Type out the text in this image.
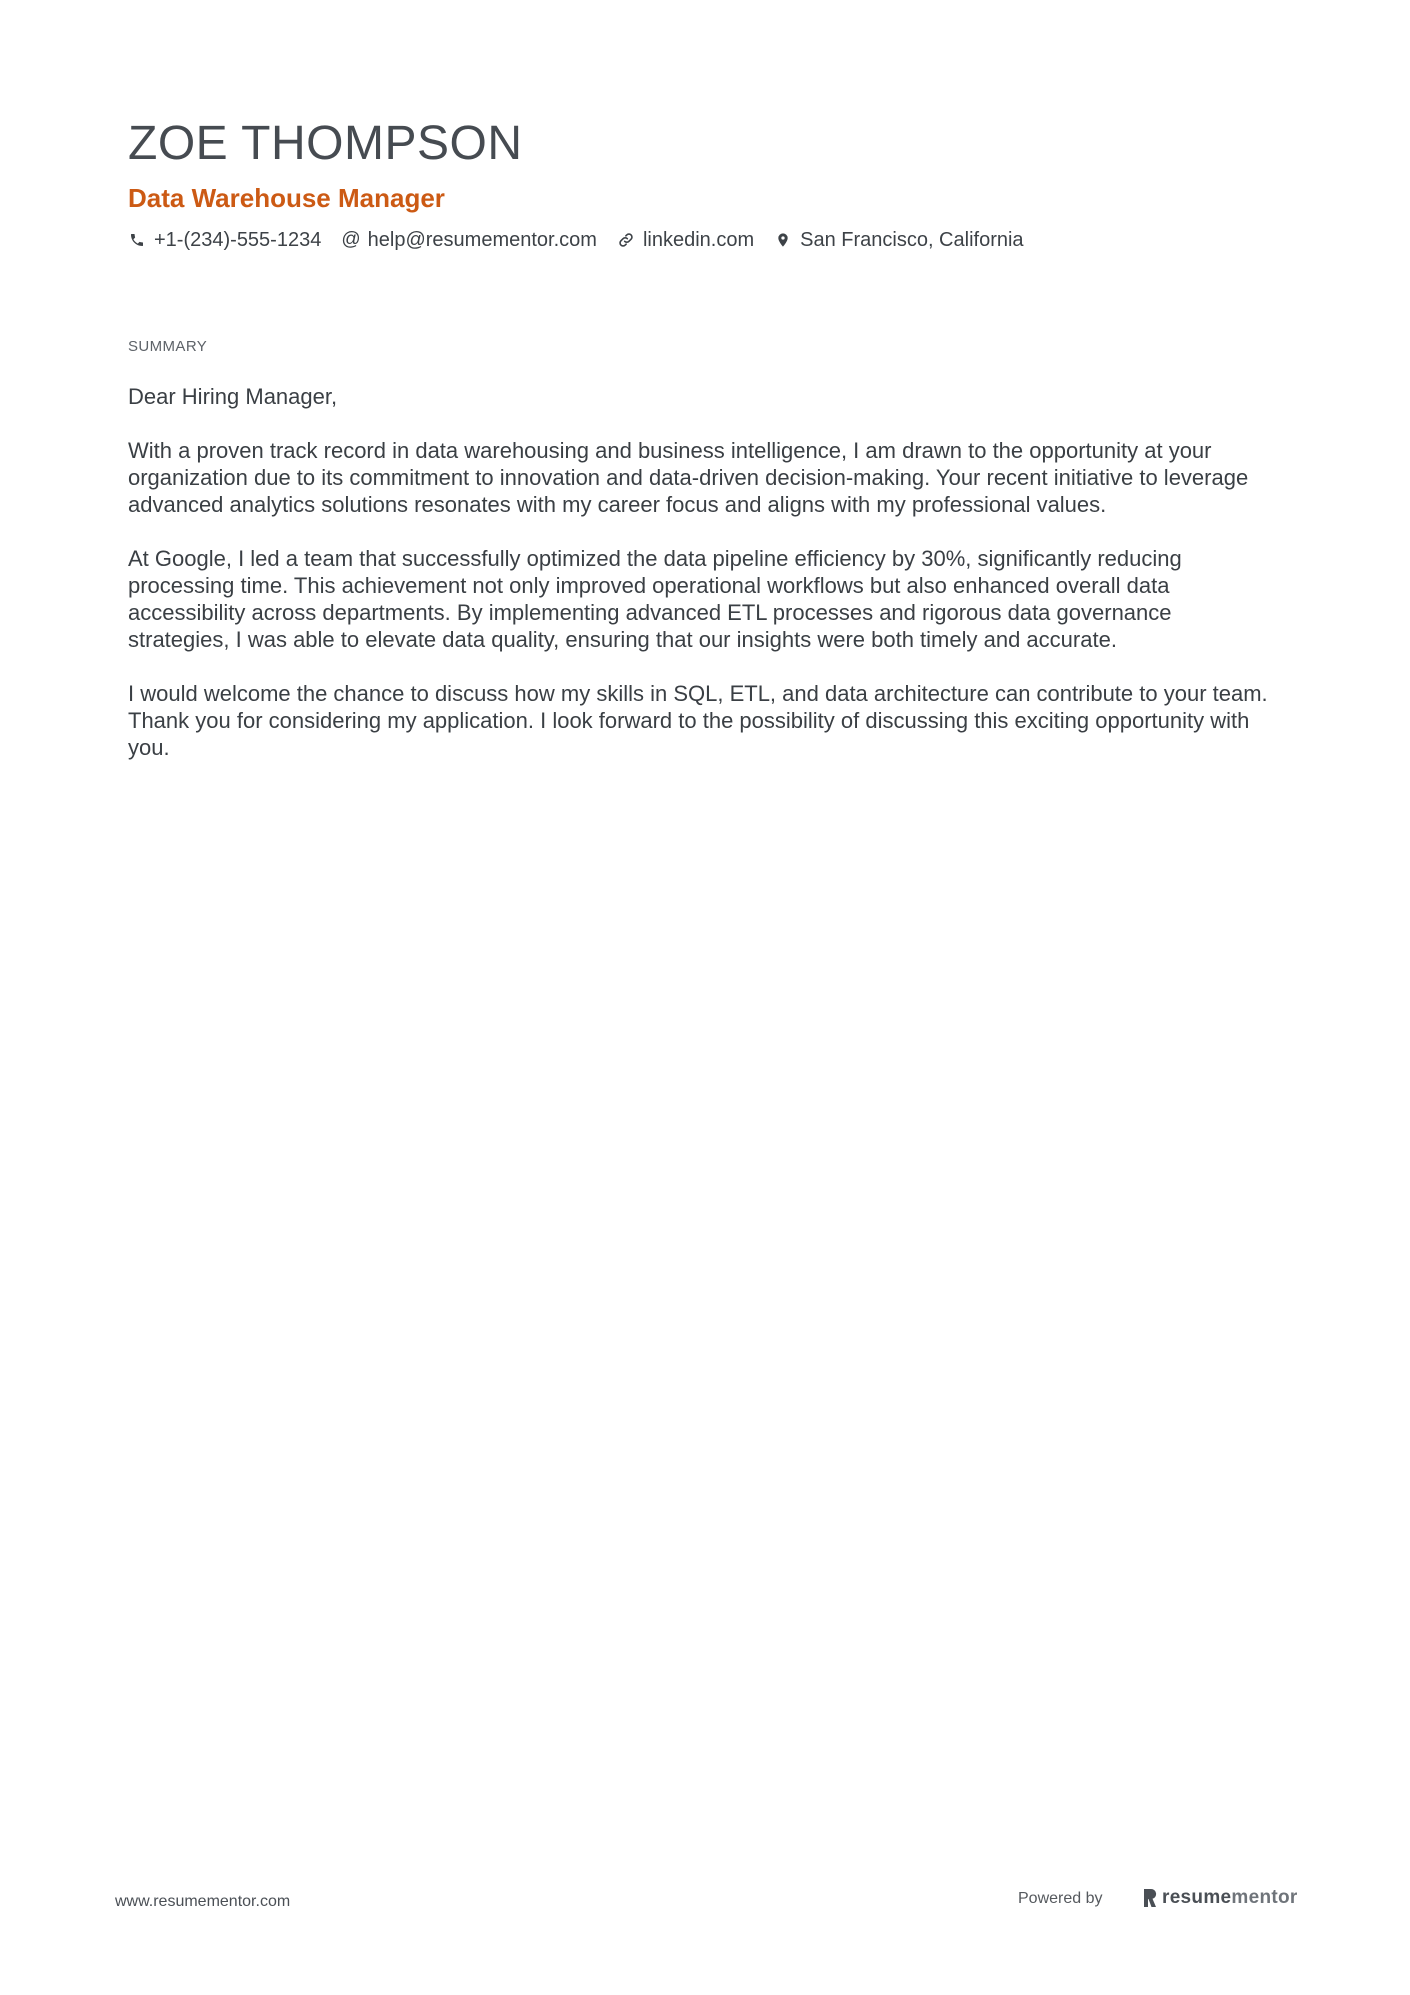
ZOE THOMPSON
Data Warehouse Manager
+1-(234)-555-1234 @ help@resumementor.com linkedin.com San Francisco, California
SUMMARY

Dear Hiring Manager,

With a proven track record in data warehousing and business intelligence, I am drawn to the opportunity at your organization due to its commitment to innovation and data-driven decision-making. Your recent initiative to leverage advanced analytics solutions resonates with my career focus and aligns with my professional values.

At Google, I led a team that successfully optimized the data pipeline efficiency by 30%, significantly reducing processing time. This achievement not only improved operational workflows but also enhanced overall data accessibility across departments. By implementing advanced ETL processes and rigorous data governance strategies, I was able to elevate data quality, ensuring that our insights were both timely and accurate.

I would welcome the chance to discuss how my skills in SQL, ETL, and data architecture can contribute to your team. Thank you for considering my application. I look forward to the possibility of discussing this exciting opportunity with you.

www.resumementor.com	Powered by	resumementor
